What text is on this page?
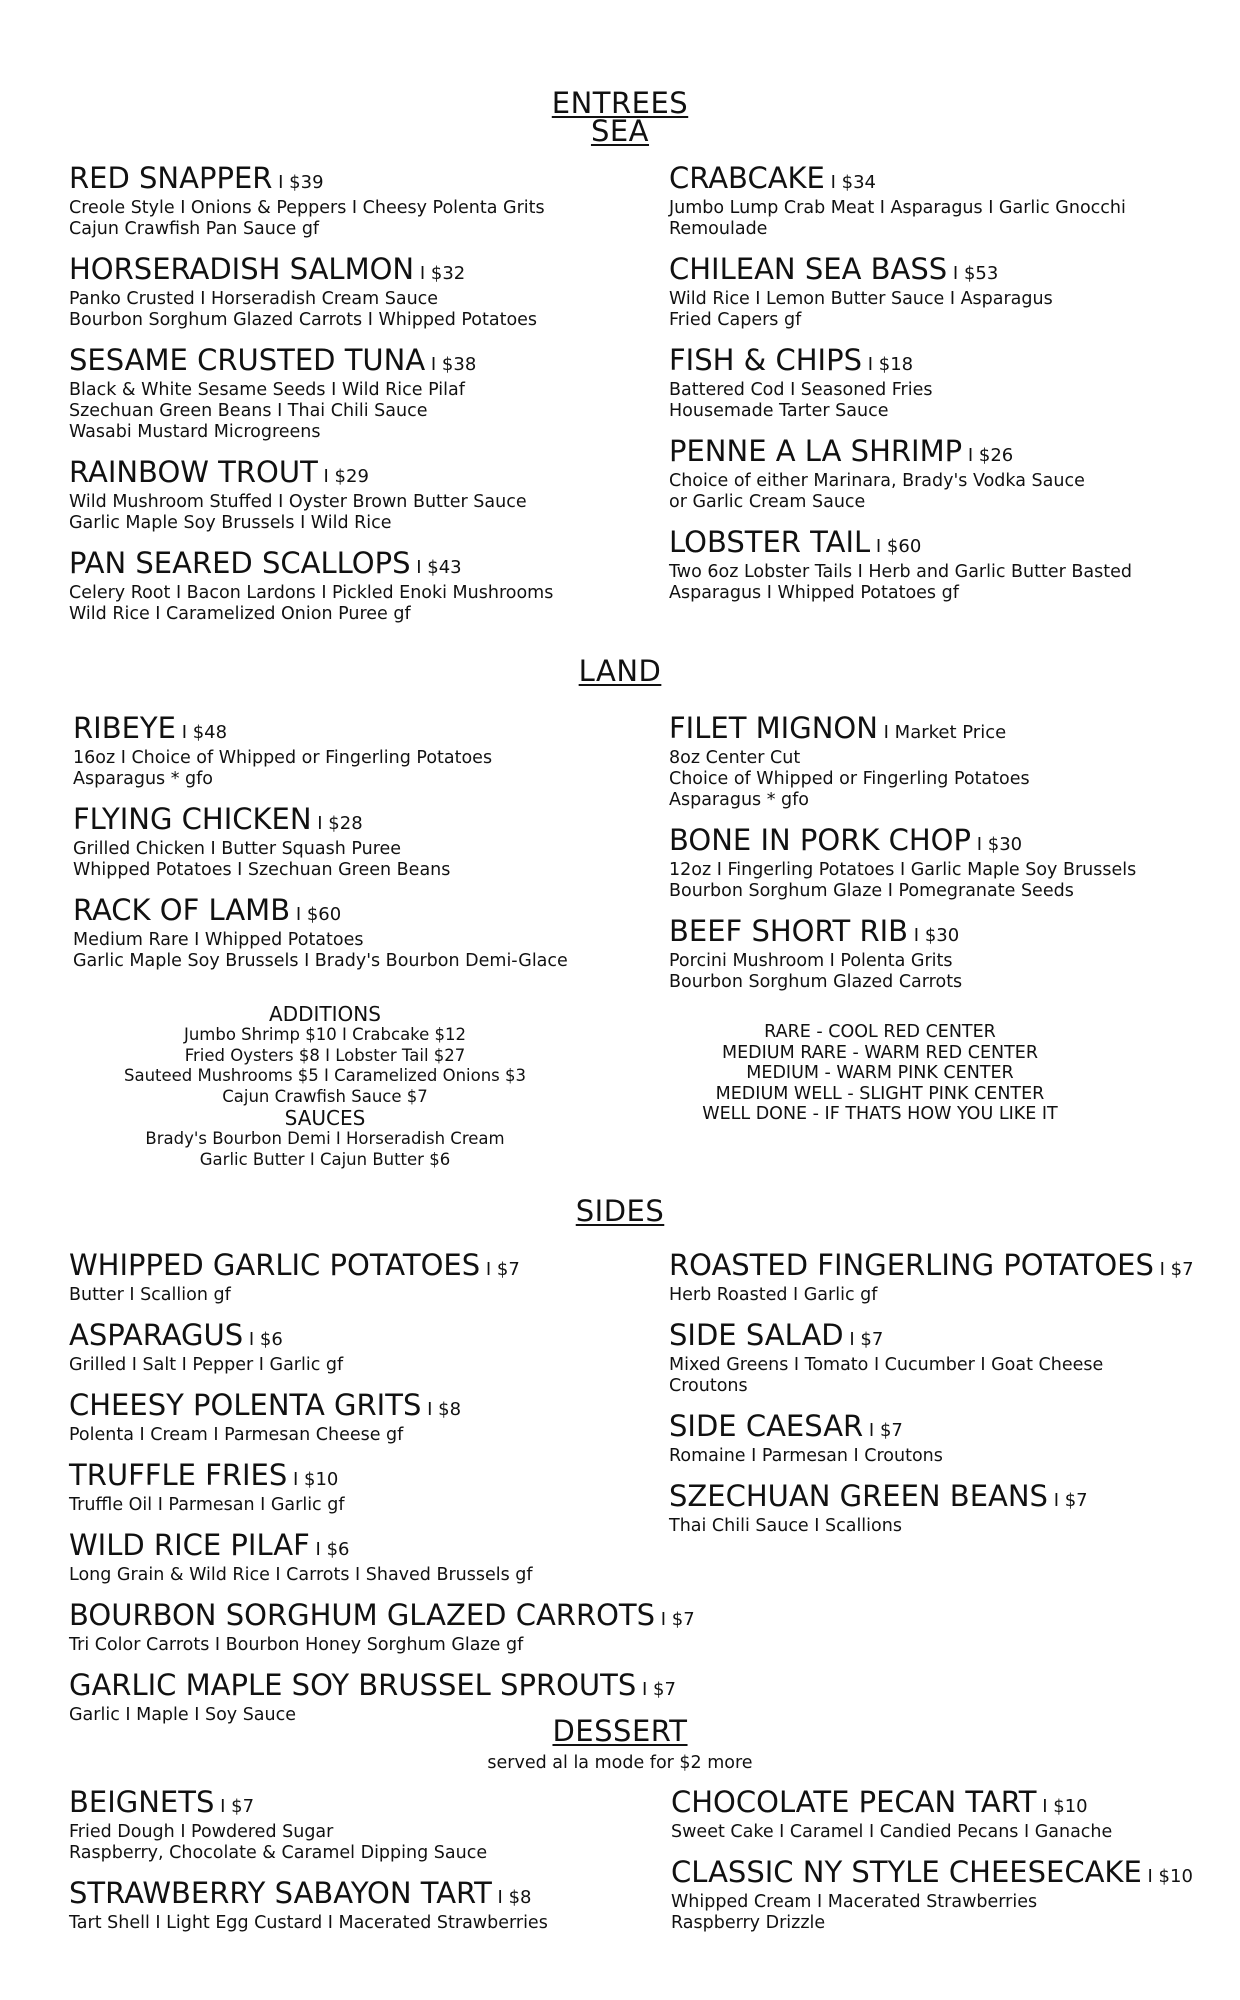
ENTREES
SEA
RED SNAPPER I $39
Creole Style I Onions & Peppers I Cheesy Polenta Grits
Cajun Crawfish Pan Sauce gf
HORSERADISH SALMON I $32
Panko Crusted I Horseradish Cream Sauce
Bourbon Sorghum Glazed Carrots I Whipped Potatoes
SESAME CRUSTED TUNA I $38
Black & White Sesame Seeds I Wild Rice Pilaf
Szechuan Green Beans I Thai Chili Sauce
Wasabi Mustard Microgreens
RAINBOW TROUT I $29
Wild Mushroom Stuffed I Oyster Brown Butter Sauce
Garlic Maple Soy Brussels I Wild Rice
PAN SEARED SCALLOPS I $43
Celery Root I Bacon Lardons I Pickled Enoki Mushrooms
Wild Rice I Caramelized Onion Puree gf
CRABCAKE I $34
Jumbo Lump Crab Meat I Asparagus I Garlic Gnocchi
Remoulade
CHILEAN SEA BASS I $53
Wild Rice I Lemon Butter Sauce I Asparagus
Fried Capers gf
FISH & CHIPS I $18
Battered Cod I Seasoned Fries
Housemade Tarter Sauce
PENNE A LA SHRIMP I $26
Choice of either Marinara, Brady's Vodka Sauce
or Garlic Cream Sauce
LOBSTER TAIL I $60
Two 6oz Lobster Tails I Herb and Garlic Butter Basted
Asparagus I Whipped Potatoes gf
LAND
RIBEYE I $48
16oz I Choice of Whipped or Fingerling Potatoes
Asparagus * gfo
FLYING CHICKEN I $28
Grilled Chicken I Butter Squash Puree
Whipped Potatoes I Szechuan Green Beans
RACK OF LAMB I $60
Medium Rare I Whipped Potatoes
Garlic Maple Soy Brussels I Brady's Bourbon Demi-Glace
FILET MIGNON I Market Price
8oz Center Cut
Choice of Whipped or Fingerling Potatoes
Asparagus * gfo
BONE IN PORK CHOP I $30
12oz I Fingerling Potatoes I Garlic Maple Soy Brussels
Bourbon Sorghum Glaze I Pomegranate Seeds
BEEF SHORT RIB I $30
Porcini Mushroom I Polenta Grits
Bourbon Sorghum Glazed Carrots
ADDITIONS
Jumbo Shrimp $10 I Crabcake $12
Fried Oysters $8 I Lobster Tail $27
Sauteed Mushrooms $5 I Caramelized Onions $3
Cajun Crawfish Sauce $7
SAUCES
Brady's Bourbon Demi I Horseradish Cream
Garlic Butter I Cajun Butter $6
RARE - COOL RED CENTER
MEDIUM RARE - WARM RED CENTER
MEDIUM - WARM PINK CENTER
MEDIUM WELL - SLIGHT PINK CENTER
WELL DONE - IF THATS HOW YOU LIKE IT
SIDES
WHIPPED GARLIC POTATOES I $7
Butter I Scallion gf
ASPARAGUS I $6
Grilled I Salt I Pepper I Garlic gf
CHEESY POLENTA GRITS I $8
Polenta I Cream I Parmesan Cheese gf
TRUFFLE FRIES I $10
Truffle Oil I Parmesan I Garlic gf
WILD RICE PILAF I $6
Long Grain & Wild Rice I Carrots I Shaved Brussels gf
BOURBON SORGHUM GLAZED CARROTS I $7
Tri Color Carrots I Bourbon Honey Sorghum Glaze gf
GARLIC MAPLE SOY BRUSSEL SPROUTS I $7
Garlic I Maple I Soy Sauce
ROASTED FINGERLING POTATOES I $7
Herb Roasted I Garlic gf
SIDE SALAD I $7
Mixed Greens I Tomato I Cucumber I Goat Cheese
Croutons
SIDE CAESAR I $7
Romaine I Parmesan I Croutons
SZECHUAN GREEN BEANS I $7
Thai Chili Sauce I Scallions
DESSERT
served al la mode for $2 more
BEIGNETS I $7
Fried Dough I Powdered Sugar
Raspberry, Chocolate & Caramel Dipping Sauce
STRAWBERRY SABAYON TART I $8
Tart Shell I Light Egg Custard I Macerated Strawberries
CHOCOLATE PECAN TART I $10
Sweet Cake I Caramel I Candied Pecans I Ganache
CLASSIC NY STYLE CHEESECAKE I $10
Whipped Cream I Macerated Strawberries
Raspberry Drizzle
